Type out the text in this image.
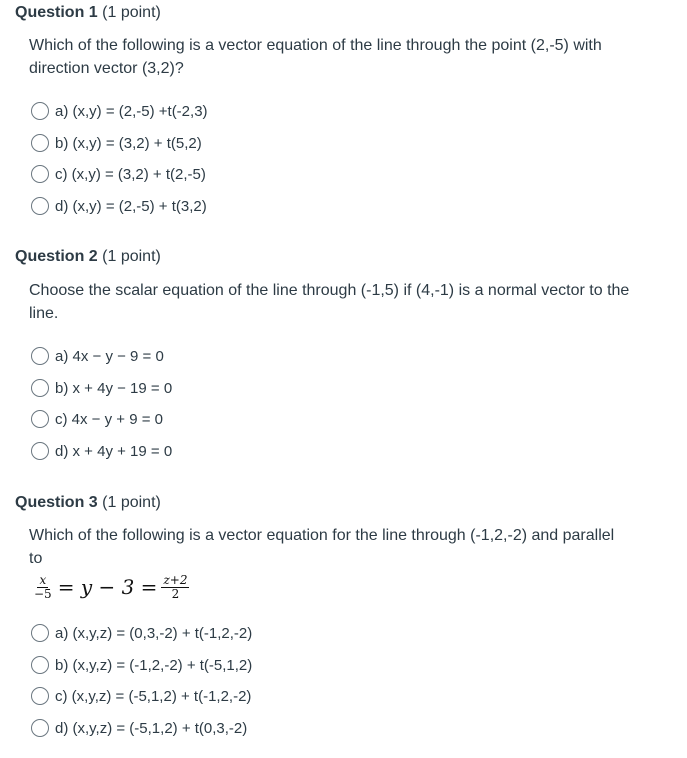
Question 1 (1 point)
Which of the following is a vector equation of the line through the point (2,-5) with
direction vector (3,2)?
a) (x,y) = (2,-5) +t(-2,3)
b) (x,y) = (3,2) + t(5,2)
c) (x,y) = (3,2) + t(2,-5)
d) (x,y) = (2,-5) + t(3,2)
Question 2 (1 point)
Choose the scalar equation of the line through (-1,5) if (4,-1) is a normal vector to the
line.
a) 4x − y − 9 = 0
b) x + 4y − 19 = 0
c) 4x − y + 9 = 0
d) x + 4y + 19 = 0
Question 3 (1 point)
Which of the following is a vector equation for the line through (-1,2,-2) and parallel
to
$\frac{x}{-5} = y - 3 = \frac{z+2}{2}$
a) (x,y,z) = (0,3,-2) + t(-1,2,-2)
b) (x,y,z) = (-1,2,-2) + t(-5,1,2)
c) (x,y,z) = (-5,1,2) + t(-1,2,-2)
d) (x,y,z) = (-5,1,2) + t(0,3,-2)
